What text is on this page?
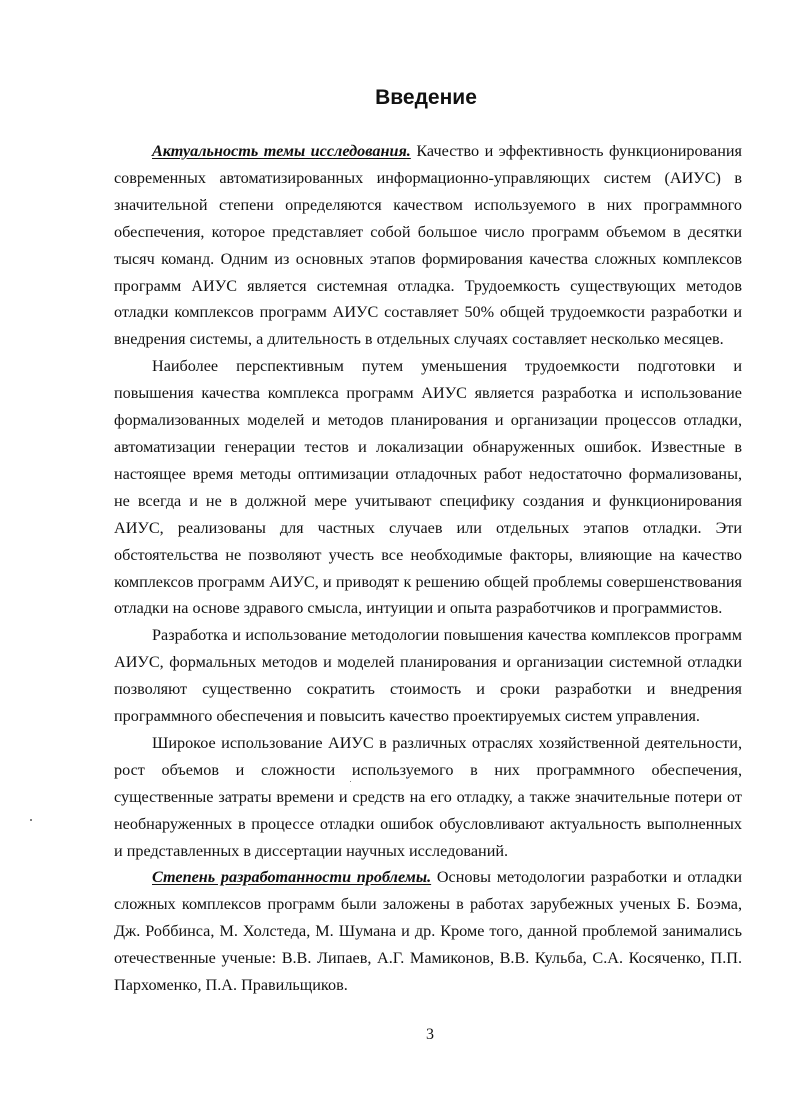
Введение

Актуальность темы исследования. Качество и эффективность функционирования современных автоматизированных информационно-управляющих систем (АИУС) в значительной степени определяются качеством используемого в них программного обеспечения, которое представляет собой большое число программ объемом в десятки тысяч команд. Одним из основных этапов формирования качества сложных комплексов программ АИУС является системная отладка. Трудоемкость существующих методов отладки комплексов программ АИУС составляет 50% общей трудоемкости разработки и внедрения системы, а длительность в отдельных случаях составляет несколько месяцев.

Наиболее перспективным путем уменьшения трудоемкости подготовки и повышения качества комплекса программ АИУС является разработка и использование формализованных моделей и методов планирования и организации процессов отладки, автоматизации генерации тестов и локализации обнаруженных ошибок. Известные в настоящее время методы оптимизации отладочных работ недостаточно формализованы, не всегда и не в должной мере учитывают специфику создания и функционирования АИУС, реализованы для частных случаев или отдельных этапов отладки. Эти обстоятельства не позволяют учесть все необходимые факторы, влияющие на качество комплексов программ АИУС, и приводят к решению общей проблемы совершенствования отладки на основе здравого смысла, интуиции и опыта разработчиков и программистов.

Разработка и использование методологии повышения качества комплексов программ АИУС, формальных методов и моделей планирования и организации системной отладки позволяют существенно сократить стоимость и сроки разработки и внедрения программного обеспечения и повысить качество проектируемых систем управления.

Широкое использование АИУС в различных отраслях хозяйственной деятельности, рост объемов и сложности используемого в них программного обеспечения, существенные затраты времени и средств на его отладку, а также значительные потери от необнаруженных в процессе отладки ошибок обусловливают актуальность выполненных и представленных в диссертации научных исследований.

Степень разработанности проблемы. Основы методологии разработки и отладки сложных комплексов программ были заложены в работах зарубежных ученых Б. Боэма, Дж. Роббинса, М. Холстеда, М. Шумана и др. Кроме того, данной проблемой занимались отечественные ученые: В.В. Липаев, А.Г. Мамиконов, В.В. Кульба, С.А. Косяченко, П.П. Пархоменко, П.А. Правильщиков.

3
